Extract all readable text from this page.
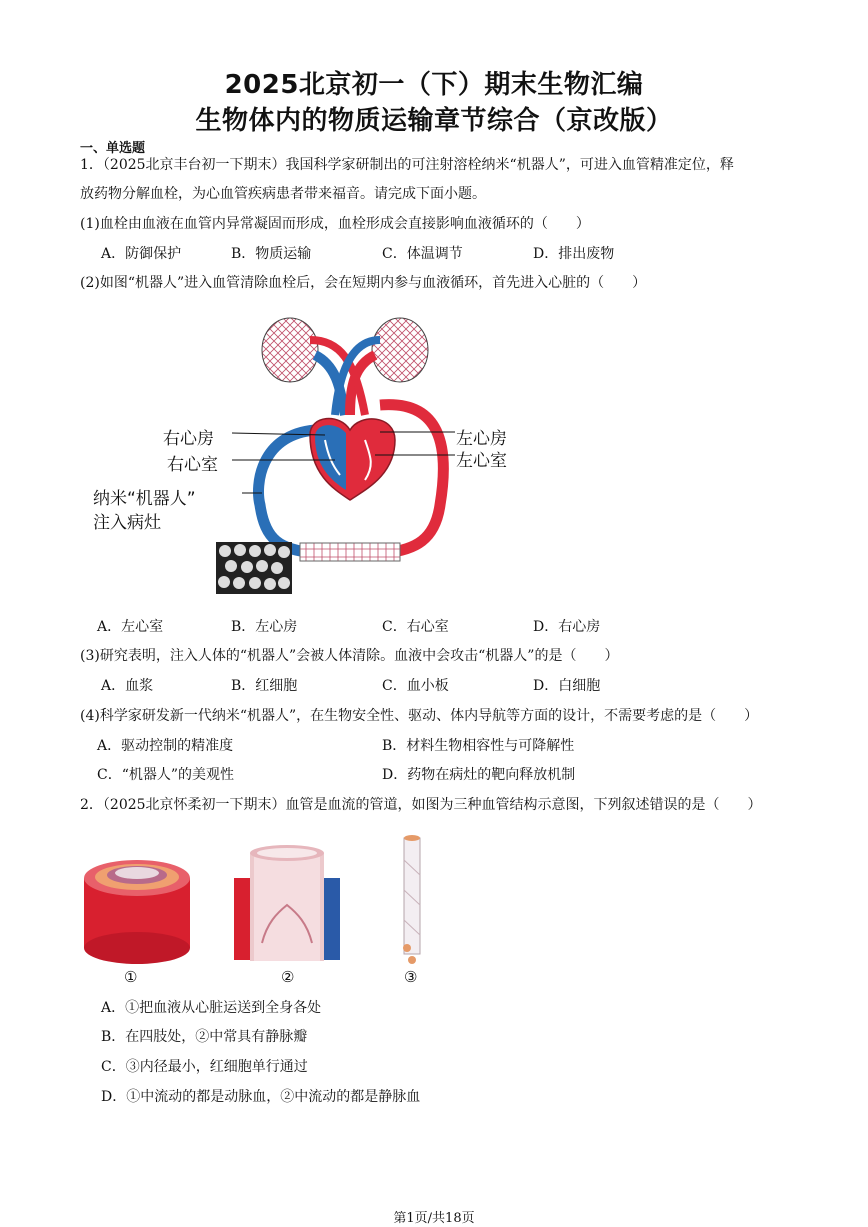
2025北京初一（下）期末生物汇编
生物体内的物质运输章节综合（京改版）
一、单选题
1．（2025北京丰台初一下期末）我国科学家研制出的可注射溶栓纳米“机器人”，可进入血管精准定位，释
放药物分解血栓，为心血管疾病患者带来福音。请完成下面小题。
(1)血栓由血液在血管内异常凝固而形成，血栓形成会直接影响血液循环的（　　）
A．防御保护	B．物质运输	C．体温调节	D．排出废物
(2)如图“机器人”进入血管清除血栓后，会在短期内参与血液循环，首先进入心脏的（　　）
右心房
右心室
左心房
左心室
纳米“机器人”
注入病灶
A．左心室	B．左心房	C．右心室	D．右心房
(3)研究表明，注入人体的“机器人”会被人体清除。血液中会攻击“机器人”的是（　　）
A．血浆	B．红细胞	C．血小板	D．白细胞
(4)科学家研发新一代纳米“机器人”，在生物安全性、驱动、体内导航等方面的设计，不需要考虑的是（　　）
A．驱动控制的精准度	B．材料生物相容性与可降解性
C．“机器人”的美观性	D．药物在病灶的靶向释放机制
2．（2025北京怀柔初一下期末）血管是血流的管道，如图为三种血管结构示意图，下列叙述错误的是（　　）
①	②	③
A．①把血液从心脏运送到全身各处
B．在四肢处，②中常具有静脉瓣
C．③内径最小，红细胞单行通过
D．①中流动的都是动脉血，②中流动的都是静脉血
第1页/共18页
